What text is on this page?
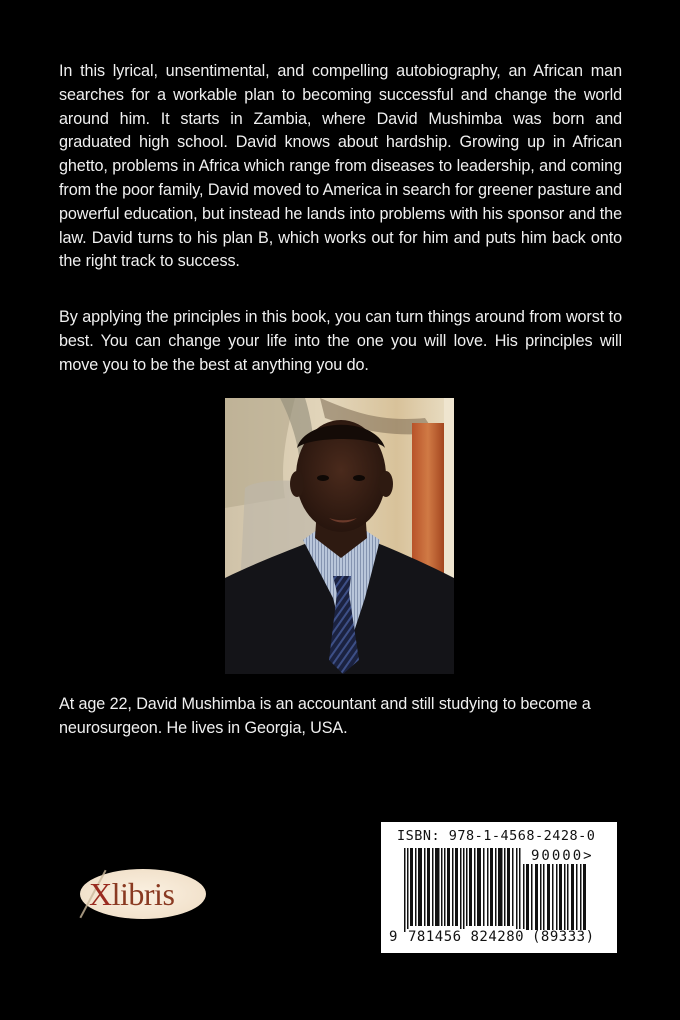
In this lyrical, unsentimental, and compelling autobiography, an African man searches for a workable plan to becoming successful and change the world around him. It starts in Zambia, where David Mushimba was born and graduated high school. David knows about hardship. Growing up in African ghetto, problems in Africa which range from diseases to leadership, and coming from the poor family, David moved to America in search for greener pasture and powerful education, but instead he lands into problems with his sponsor and the law. David turns to his plan B, which works out for him and puts him back onto the right track to success.

By applying the principles in this book, you can turn things around from worst to best. You can change your life into the one you will love. His principles will move you to be the best at anything you do.

At age 22, David Mushimba is an accountant and still studying to become a neurosurgeon. He lives in Georgia, USA.

Xlibris
ISBN: 978-1-4568-2428-0
90000>
9 781456 824280 (89333)
